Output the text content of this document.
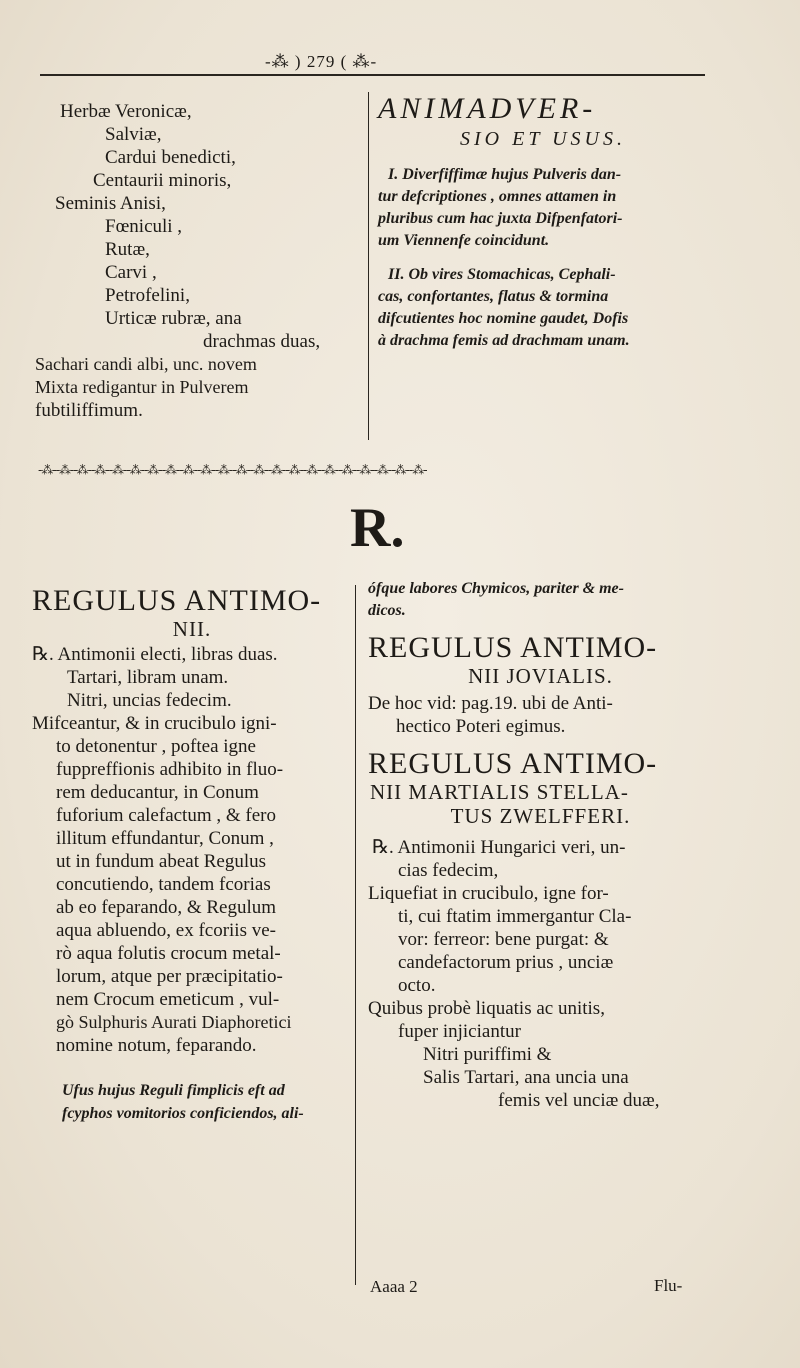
-⁂ ) 279 ( ⁂-
Herbæ Veronicæ,
Salviæ,
Cardui benedicti,
Centaurii minoris,
Seminis Anisi,
Fœniculi ,
Rutæ,
Carvi ,
Petrofelini,
Urticæ rubræ, ana
drachmas duas,
Sachari candi albi, unc. novem
Mixta redigantur in Pulverem
fubtiliffimum.
ANIMADVER-
SIO ET USUS.
I. Diverfiffimæ hujus Pulveris dan-
tur defcriptiones , omnes attamen in
pluribus cum hac juxta Difpenfatori-
um Viennenfe coincidunt.
II. Ob vires Stomachicas, Cephali-
cas, confortantes, flatus & tormina
difcutientes hoc nomine gaudet, Dofis
à drachma femis ad drachmam unam.
-⁂--⁂--⁂--⁂--⁂--⁂--⁂--⁂--⁂--⁂--⁂--⁂--⁂--⁂--⁂--⁂--⁂--⁂--⁂--⁂--⁂--⁂-
R.
REGULUS ANTIMO-
NII.
℞. Antimonii electi, libras duas.
Tartari, libram unam.
Nitri, uncias fedecim.
Mifceantur, & in crucibulo igni-
to detonentur , poftea igne
fuppreffionis adhibito in fluo-
rem deducantur, in Conum
fuforium calefactum , & fero
illitum effundantur, Conum ,
ut in fundum abeat Regulus
concutiendo, tandem fcorias
ab eo feparando, & Regulum
aqua abluendo, ex fcoriis ve-
rò aqua folutis crocum metal-
lorum, atque per præcipitatio-
nem Crocum emeticum , vul-
gò Sulphuris Aurati Diaphoretici
nomine notum, feparando.
Ufus hujus Reguli fimplicis eft ad
fcyphos vomitorios conficiendos, ali-
ófque labores Chymicos, pariter & me-
dicos.
REGULUS ANTIMO-
NII JOVIALIS.
De hoc vid: pag.19. ubi de Anti-
hectico Poteri egimus.
REGULUS ANTIMO-
NII MARTIALIS STELLA-
TUS ZWELFFERI.
℞. Antimonii Hungarici veri, un-
cias fedecim,
Liquefiat in crucibulo, igne for-
ti, cui ftatim immergantur Cla-
vor: ferreor: bene purgat: &
candefactorum prius , unciæ
octo.
Quibus probè liquatis ac unitis,
fuper injiciantur
Nitri puriffimi &
Salis Tartari, ana uncia una
femis vel unciæ duæ,
Aaaa 2	Flu-
